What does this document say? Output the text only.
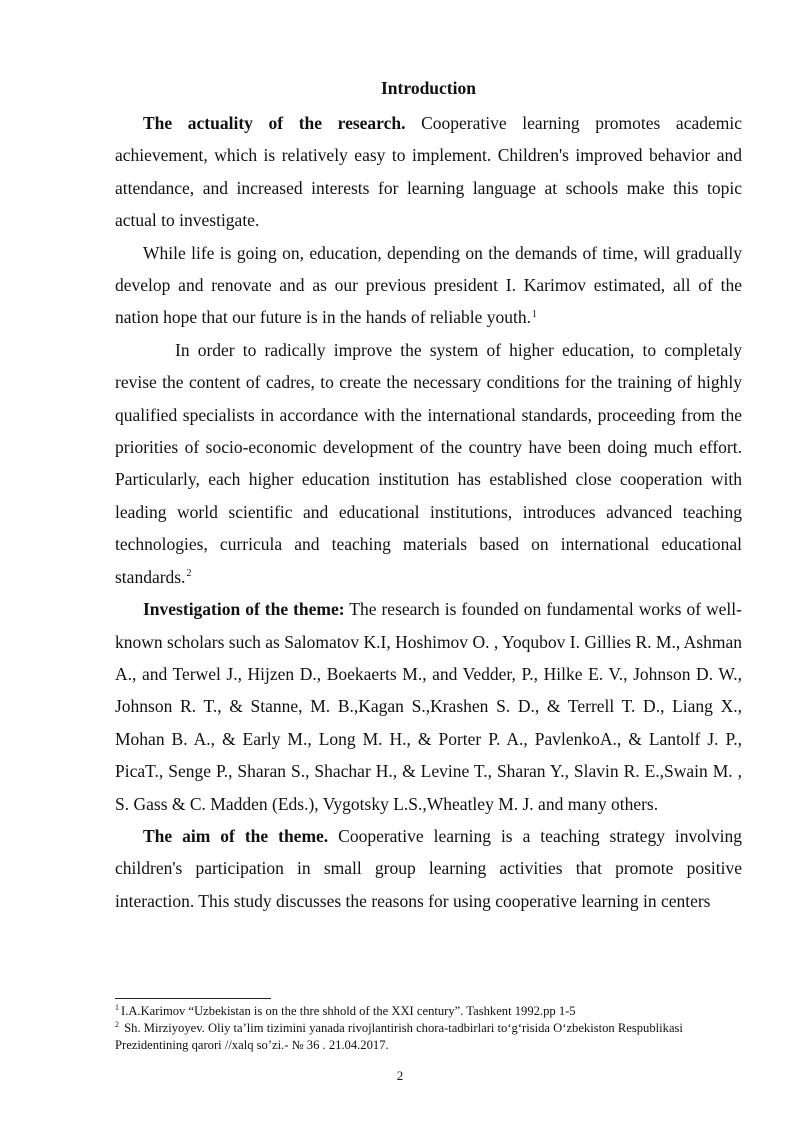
Introduction

The actuality of the research. Cooperative learning promotes academic achievement, which is relatively easy to implement. Children's improved behavior and attendance, and increased interests for learning language at schools make this topic actual to investigate.

While life is going on, education, depending on the demands of time, will gradually develop and renovate and as our previous president I. Karimov estimated, all of the nation hope that our future is in the hands of reliable youth.$^1$

In order to radically improve the system of higher education, to completaly revise the content of cadres, to create the necessary conditions for the training of highly qualified specialists in accordance with the international standards, proceeding from the priorities of socio-economic development of the country have been doing much effort. Particularly, each higher education institution has established close cooperation with leading world scientific and educational institutions, introduces advanced teaching technologies, curricula and teaching materials based on international educational standards.$^2$

Investigation of the theme: The research is founded on fundamental works of well-known scholars such as Salomatov K.I, Hoshimov O. , Yoqubov I. Gillies R. M., Ashman A., and Terwel J., Hijzen D., Boekaerts M., and Vedder, P., Hilke E. V., Johnson D. W., Johnson R. T., & Stanne, M. B.,Kagan S.,Krashen S. D., & Terrell T. D., Liang X., Mohan B. A., & Early M., Long M. H., & Porter P. A., PavlenkoA., & Lantolf J. P., PicaT., Senge P., Sharan S., Shachar H., & Levine T., Sharan Y., Slavin R. E.,Swain M. , S. Gass & C. Madden (Eds.), Vygotsky L.S.,Wheatley M. J. and many others.

The aim of the theme. Cooperative learning is a teaching strategy involving children's participation in small group learning activities that promote positive interaction. This study discusses the reasons for using cooperative learning in centers

$^1$ I.A.Karimov “Uzbekistan is on the thre shhold of the XXI century”. Tashkent 1992.pp 1-5

$^2$ Sh. Mirziyoyev. Oliy ta’lim tizimini yanada rivojlantirish chora-tadbirlari to‘g‘risida O‘zbekiston Respublikasi Prezidentining qarori //xalq so’zi.- № 36 . 21.04.2017.

2
